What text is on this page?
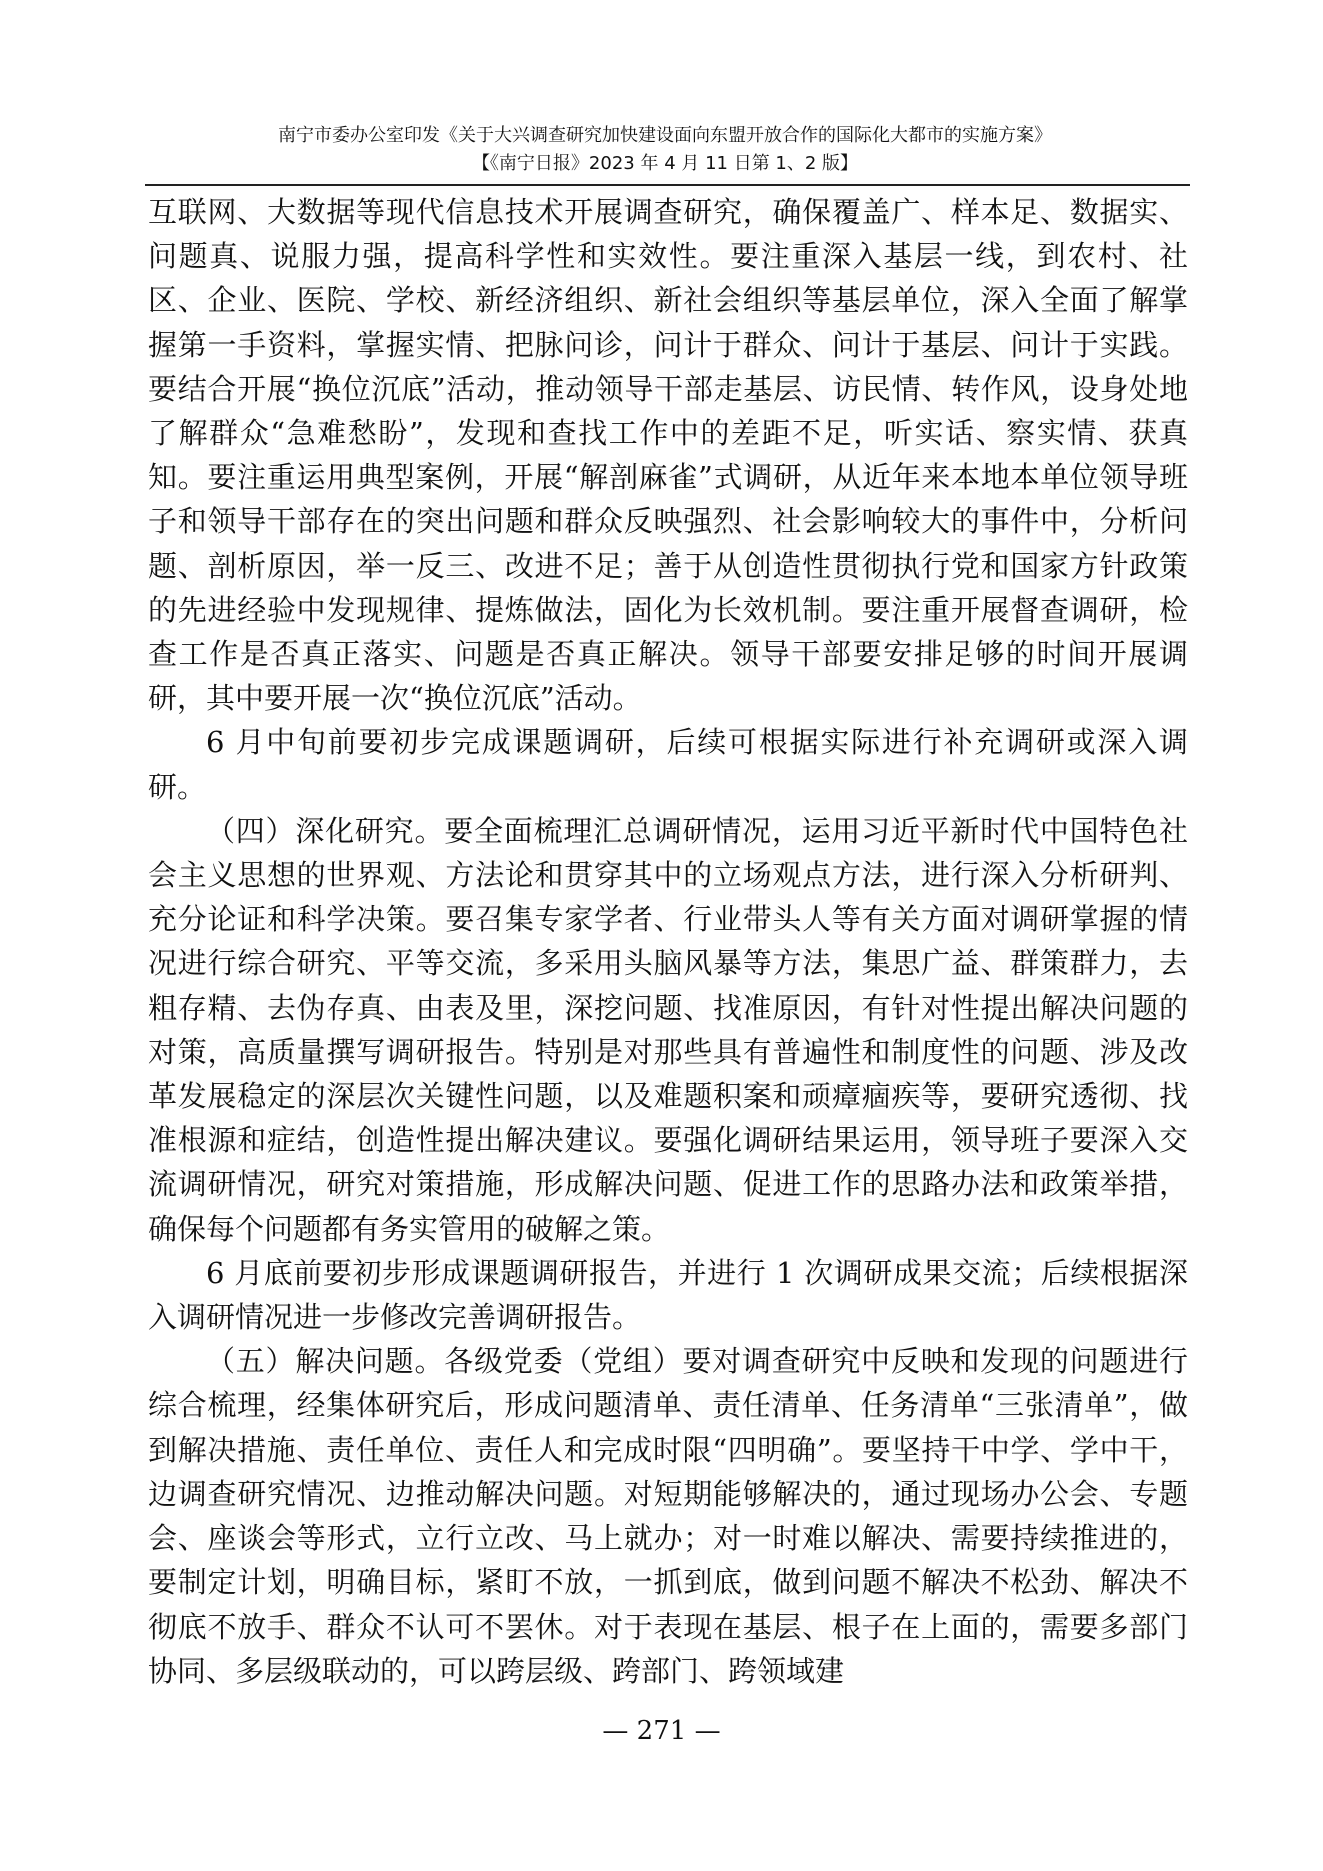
南宁市委办公室印发《关于大兴调查研究加快建设面向东盟开放合作的国际化大都市的实施方案》
【《南宁日报》2023 年 4 月 11 日第 1、2 版】

互联网、大数据等现代信息技术开展调查研究，确保覆盖广、样本足、数据实、问题真、说服力强，提高科学性和实效性。要注重深入基层一线，到农村、社区、企业、医院、学校、新经济组织、新社会组织等基层单位，深入全面了解掌握第一手资料，掌握实情、把脉问诊，问计于群众、问计于基层、问计于实践。要结合开展“换位沉底”活动，推动领导干部走基层、访民情、转作风，设身处地了解群众“急难愁盼”，发现和查找工作中的差距不足，听实话、察实情、获真知。要注重运用典型案例，开展“解剖麻雀”式调研，从近年来本地本单位领导班子和领导干部存在的突出问题和群众反映强烈、社会影响较大的事件中，分析问题、剖析原因，举一反三、改进不足；善于从创造性贯彻执行党和国家方针政策的先进经验中发现规律、提炼做法，固化为长效机制。要注重开展督查调研，检查工作是否真正落实、问题是否真正解决。领导干部要安排足够的时间开展调研，其中要开展一次“换位沉底”活动。

6 月中旬前要初步完成课题调研，后续可根据实际进行补充调研或深入调研。

（四）深化研究。要全面梳理汇总调研情况，运用习近平新时代中国特色社会主义思想的世界观、方法论和贯穿其中的立场观点方法，进行深入分析研判、充分论证和科学决策。要召集专家学者、行业带头人等有关方面对调研掌握的情况进行综合研究、平等交流，多采用头脑风暴等方法，集思广益、群策群力，去粗存精、去伪存真、由表及里，深挖问题、找准原因，有针对性提出解决问题的对策，高质量撰写调研报告。特别是对那些具有普遍性和制度性的问题、涉及改革发展稳定的深层次关键性问题，以及难题积案和顽瘴痼疾等，要研究透彻、找准根源和症结，创造性提出解决建议。要强化调研结果运用，领导班子要深入交流调研情况，研究对策措施，形成解决问题、促进工作的思路办法和政策举措，确保每个问题都有务实管用的破解之策。

6 月底前要初步形成课题调研报告，并进行 1 次调研成果交流；后续根据深入调研情况进一步修改完善调研报告。

（五）解决问题。各级党委（党组）要对调查研究中反映和发现的问题进行综合梳理，经集体研究后，形成问题清单、责任清单、任务清单“三张清单”，做到解决措施、责任单位、责任人和完成时限“四明确”。要坚持干中学、学中干，边调查研究情况、边推动解决问题。对短期能够解决的，通过现场办公会、专题会、座谈会等形式，立行立改、马上就办；对一时难以解决、需要持续推进的，要制定计划，明确目标，紧盯不放，一抓到底，做到问题不解决不松劲、解决不彻底不放手、群众不认可不罢休。对于表现在基层、根子在上面的，需要多部门协同、多层级联动的，可以跨层级、跨部门、跨领域建

— 271 —
